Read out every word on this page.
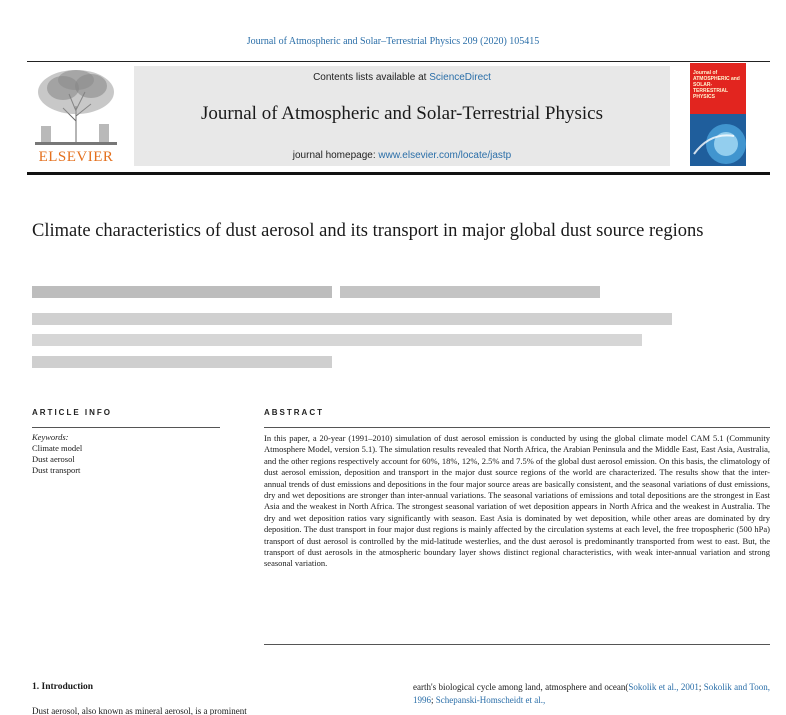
Journal of Atmospheric and Solar–Terrestrial Physics 209 (2020) 105415
ELSEVIER
Contents lists available at ScienceDirect
Journal of Atmospheric and Solar-Terrestrial Physics
journal homepage: www.elsevier.com/locate/jastp
Journal of
ATMOSPHERIC and
SOLAR-TERRESTRIAL
PHYSICS
Climate characteristics of dust aerosol and its transport in major global dust source regions
ARTICLE INFO
Keywords:
Climate model
Dust aerosol
Dust transport
ABSTRACT
In this paper, a 20-year (1991–2010) simulation of dust aerosol emission is conducted by using the global climate model CAM 5.1 (Community Atmosphere Model, version 5.1). The simulation results revealed that North Africa, the Arabian Peninsula and the Middle East, East Asia, Australia, and the other regions respectively account for 60%, 18%, 12%, 2.5% and 7.5% of the global dust aerosol emission. On this basis, the climatology of dust aerosol emission, deposition and transport in the major dust source regions of the world are characterized. The results show that the inter-annual trends of dust emissions and depositions in the four major source areas are basically consistent, and the seasonal variations of dust emissions, dry and wet depositions are stronger than inter-annual variations. The seasonal variations of emissions and total depositions are the strongest in East Asia and the weakest in North Africa. The strongest seasonal variation of wet deposition appears in North Africa and the weakest in Australia. The dry and wet deposition ratios vary significantly with season. East Asia is dominated by wet deposition, while other areas are dominated by dry deposition. The dust transport in four major dust regions is mainly affected by the circulation systems at each level, the free tropospheric (500 hPa) transport of dust aerosol is controlled by the mid-latitude westerlies, and the dust aerosol is predominantly transported from west to east. But, the transport of dust aerosols in the atmospheric boundary layer shows distinct regional characteristics, with weak inter-annual variation and strong seasonal variation.
1. Introduction
Dust aerosol, also known as mineral aerosol, is a prominent
earth's biological cycle among land, atmosphere and ocean(Sokolik et al., 2001; Sokolik and Toon, 1996; Schepanski-Homscheidt et al.,
